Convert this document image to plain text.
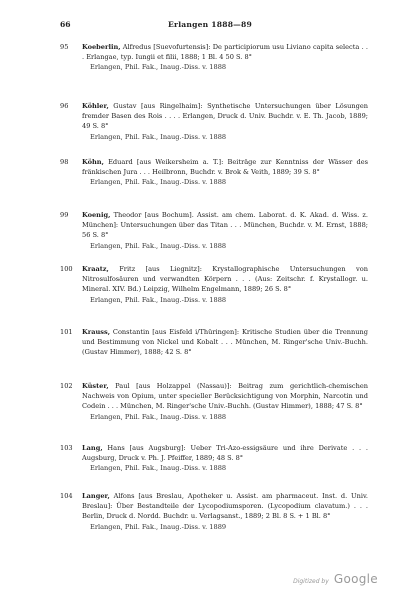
66	Erlangen 1888—89
95	Koeberlin, Alfredus [Suevofurtensis]: De participiorum usu Liviano capita selecta . . . Erlangae, typ. Iungii et filii, 1888; 1 Bl. 4 50 S. 8°
Erlangen, Phil. Fak., Inaug.-Diss. v. 1888
96	Köhler, Gustav [aus Ringelhaim]: Synthetische Untersuchungen über Lösungen fremder Basen des Rois . . . . Erlangen, Druck d. Univ. Buchdr. v. E. Th. Jacob, 1889; 49 S. 8°
Erlangen, Phil. Fak., Inaug.-Diss. v. 1888
98	Köhn, Eduard [aus Weikersheim a. T.]: Beiträge zur Kenntniss der Wässer des fränkischen Jura . . . Heilbronn, Buchdr. v. Brok & Veith, 1889; 39 S. 8°
Erlangen, Phil. Fak., Inaug.-Diss. v. 1888
99	Koenig, Theodor [aus Bochum]. Assist. am chem. Laborat. d. K. Akad. d. Wiss. z. München]: Untersuchungen über das Titan . . . München, Buchdr. v. M. Ernst, 1888; 56 S. 8°
Erlangen, Phil. Fak., Inaug.-Diss. v. 1888
100	Kraatz, Fritz [aus Liegnitz]: Krystallographische Untersuchungen von Nitrosulfosäuren und verwandten Körpern . . . (Aus: Zeitschr. f. Krystallogr. u. Mineral. XIV. Bd.) Leipzig, Wilhelm Engelmann, 1889; 26 S. 8°
Erlangen, Phil. Fak., Inaug.-Diss. v. 1888
101	Krauss, Constantin [aus Eisfeld i/Thüringen]: Kritische Studien über die Trennung und Bestimmung von Nickel und Kobalt . . . München, M. Ringer'sche Univ.-Buchh. (Gustav Himmer), 1888; 42 S. 8°
102	Küster, Paul [aus Holzappel (Nassau)]: Beitrag zum gerichtlich-chemischen Nachweis von Opium, unter specieller Berücksichtigung von Morphin, Narcotin und Codein . . . München, M. Ringer'sche Univ.-Buchh. (Gustav Himmer), 1888; 47 S. 8°
Erlangen, Phil. Fak., Inaug.-Diss. v. 1888
103	Lang, Hans [aus Augsburg]: Ueber Tri-Azo-essigsäure und ihre Derivate . . . Augsburg, Druck v. Ph. J. Pfeiffer, 1889; 48 S. 8°
Erlangen, Phil. Fak., Inaug.-Diss. v. 1888
104	Langer, Alfons [aus Breslau, Apotheker u. Assist. am pharmaceut. Inst. d. Univ. Breslau]: Über Bestandteile der Lycopodiumsporen. (Lycopodium clavatum.) . . . Berlin, Druck d. Nordd. Buchdr. u. Verlagsanst., 1889; 2 Bl. 8 S. + 1 Bl. 8°
Erlangen, Phil. Fak., Inaug.-Diss. v. 1889
Digitized by Google
